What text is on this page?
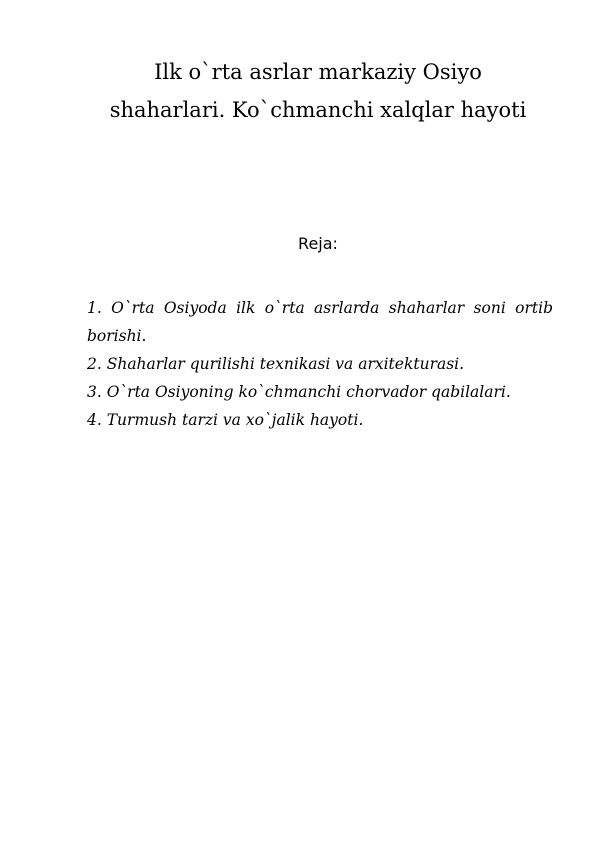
Ilk o`rta asrlar markaziy Osiyo
shaharlari. Ko`chmanchi xalqlar hayoti
Reja:
1. O`rta Osiyoda ilk o`rta asrlarda shaharlar soni ortib
borishi.
2. Shaharlar qurilishi texnikasi va arxitekturasi.
3. O`rta Osiyoning ko`chmanchi chorvador qabilalari.
4. Turmush tarzi va xo`jalik hayoti.
